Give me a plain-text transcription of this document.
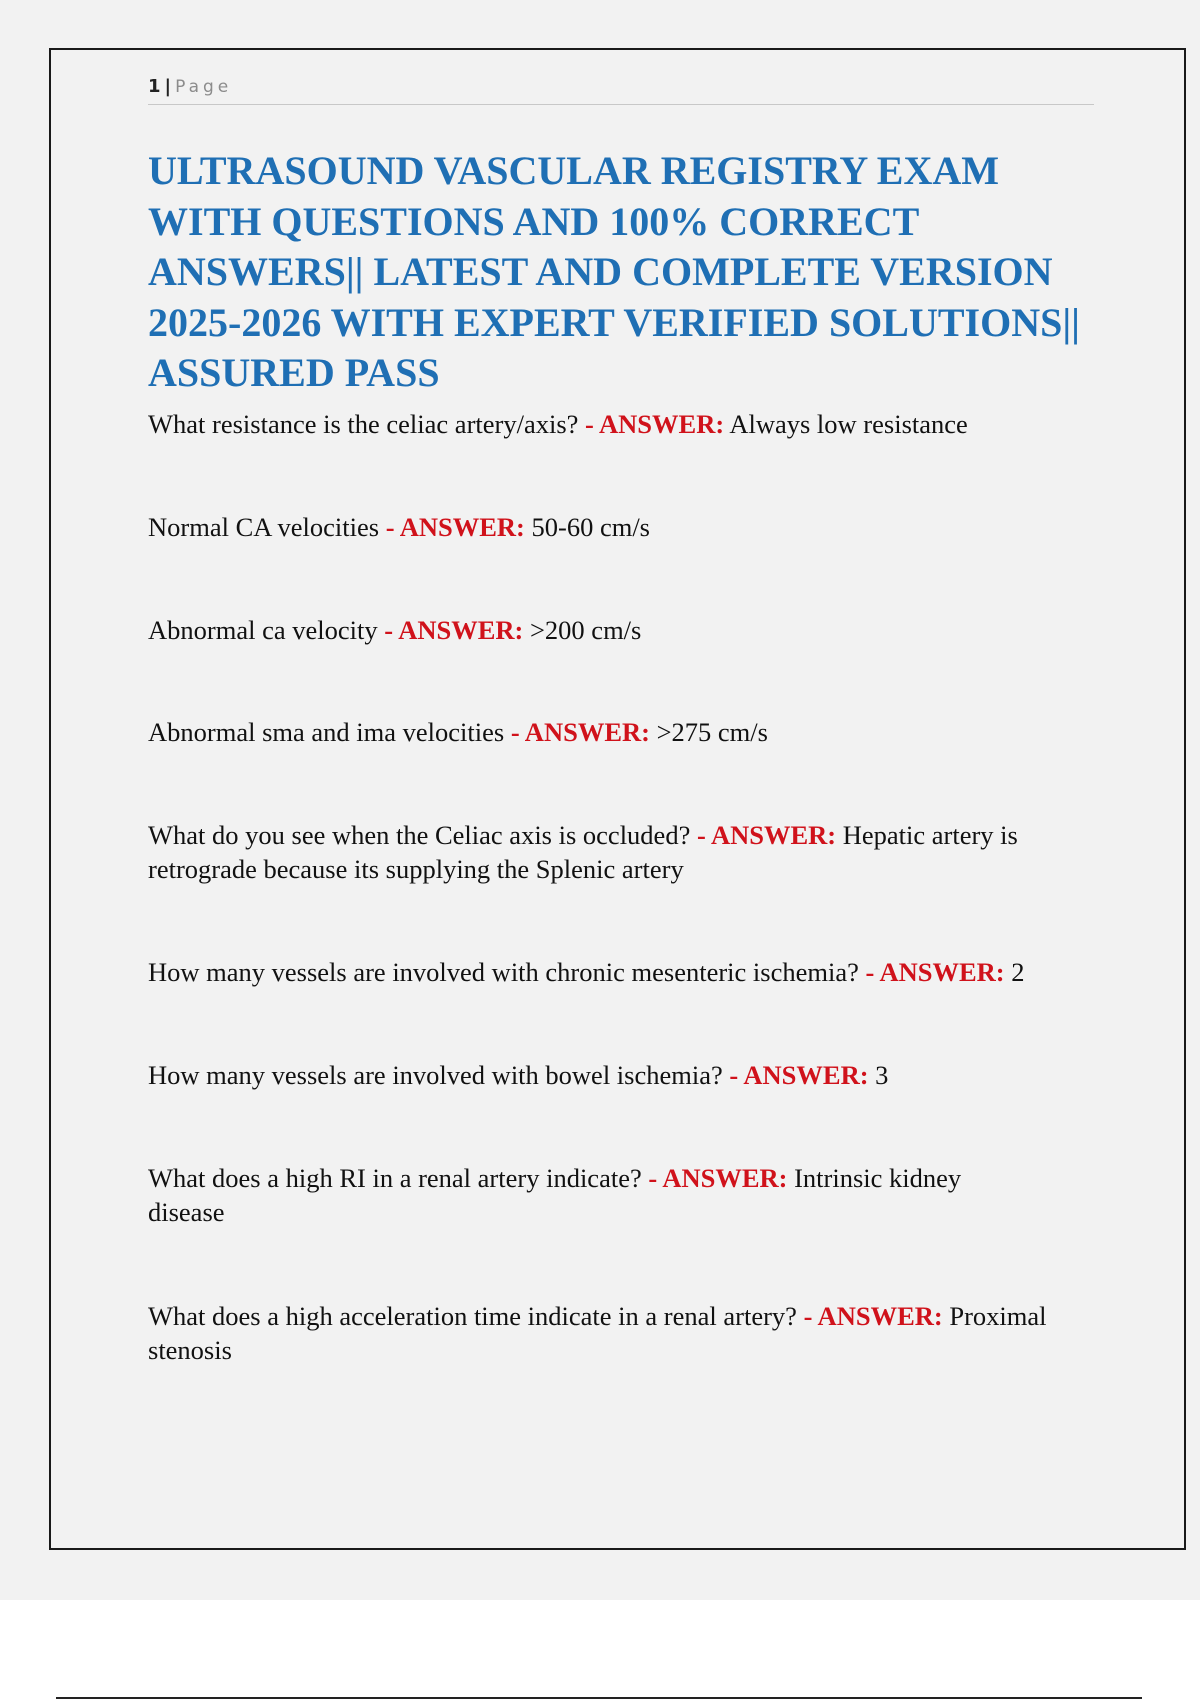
1 | Page
ULTRASOUND VASCULAR REGISTRY EXAM WITH QUESTIONS AND 100% CORRECT ANSWERS|| LATEST AND COMPLETE VERSION 2025-2026 WITH EXPERT VERIFIED SOLUTIONS|| ASSURED PASS

What resistance is the celiac artery/axis? - ANSWER: Always low resistance

Normal CA velocities - ANSWER: 50-60 cm/s

Abnormal ca velocity - ANSWER: >200 cm/s

Abnormal sma and ima velocities - ANSWER: >275 cm/s

What do you see when the Celiac axis is occluded? - ANSWER: Hepatic artery is retrograde because its supplying the Splenic artery

How many vessels are involved with chronic mesenteric ischemia? - ANSWER: 2

How many vessels are involved with bowel ischemia? - ANSWER: 3

What does a high RI in a renal artery indicate? - ANSWER: Intrinsic kidney disease

What does a high acceleration time indicate in a renal artery? - ANSWER: Proximal stenosis
